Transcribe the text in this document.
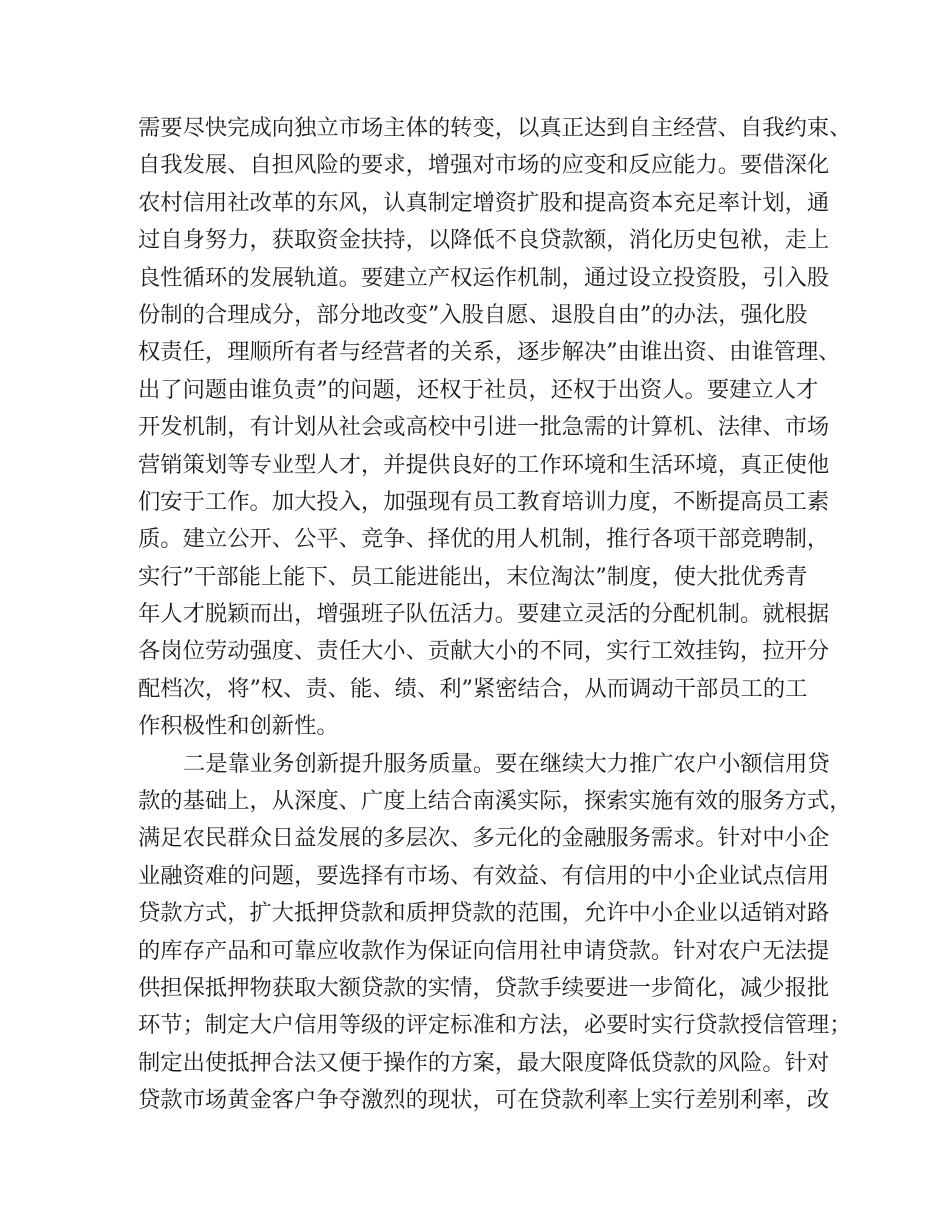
需要尽快完成向独立市场主体的转变，以真正达到自主经营、自我约束、
自我发展、自担风险的要求，增强对市场的应变和反应能力。要借深化
农村信用社改革的东风，认真制定增资扩股和提高资本充足率计划，通
过自身努力，获取资金扶持，以降低不良贷款额，消化历史包袱，走上
良性循环的发展轨道。要建立产权运作机制，通过设立投资股，引入股
份制的合理成分，部分地改变”入股自愿、退股自由”的办法，强化股
权责任，理顺所有者与经营者的关系，逐步解决”由谁出资、由谁管理、
出了问题由谁负责”的问题，还权于社员，还权于出资人。要建立人才
开发机制，有计划从社会或高校中引进一批急需的计算机、法律、市场
营销策划等专业型人才，并提供良好的工作环境和生活环境，真正使他
们安于工作。加大投入，加强现有员工教育培训力度，不断提高员工素
质。建立公开、公平、竞争、择优的用人机制，推行各项干部竞聘制，
实行”干部能上能下、员工能进能出，末位淘汰”制度，使大批优秀青
年人才脱颖而出，增强班子队伍活力。要建立灵活的分配机制。就根据
各岗位劳动强度、责任大小、贡献大小的不同，实行工效挂钩，拉开分
配档次，将”权、责、能、绩、利”紧密结合，从而调动干部员工的工
作积极性和创新性。
二是靠业务创新提升服务质量。要在继续大力推广农户小额信用贷
款的基础上，从深度、广度上结合南溪实际，探索实施有效的服务方式，
满足农民群众日益发展的多层次、多元化的金融服务需求。针对中小企
业融资难的问题，要选择有市场、有效益、有信用的中小企业试点信用
贷款方式，扩大抵押贷款和质押贷款的范围，允许中小企业以适销对路
的库存产品和可靠应收款作为保证向信用社申请贷款。针对农户无法提
供担保抵押物获取大额贷款的实情，贷款手续要进一步简化，减少报批
环节；制定大户信用等级的评定标准和方法，必要时实行贷款授信管理；
制定出使抵押合法又便于操作的方案，最大限度降低贷款的风险。针对
贷款市场黄金客户争夺激烈的现状，可在贷款利率上实行差别利率，改
